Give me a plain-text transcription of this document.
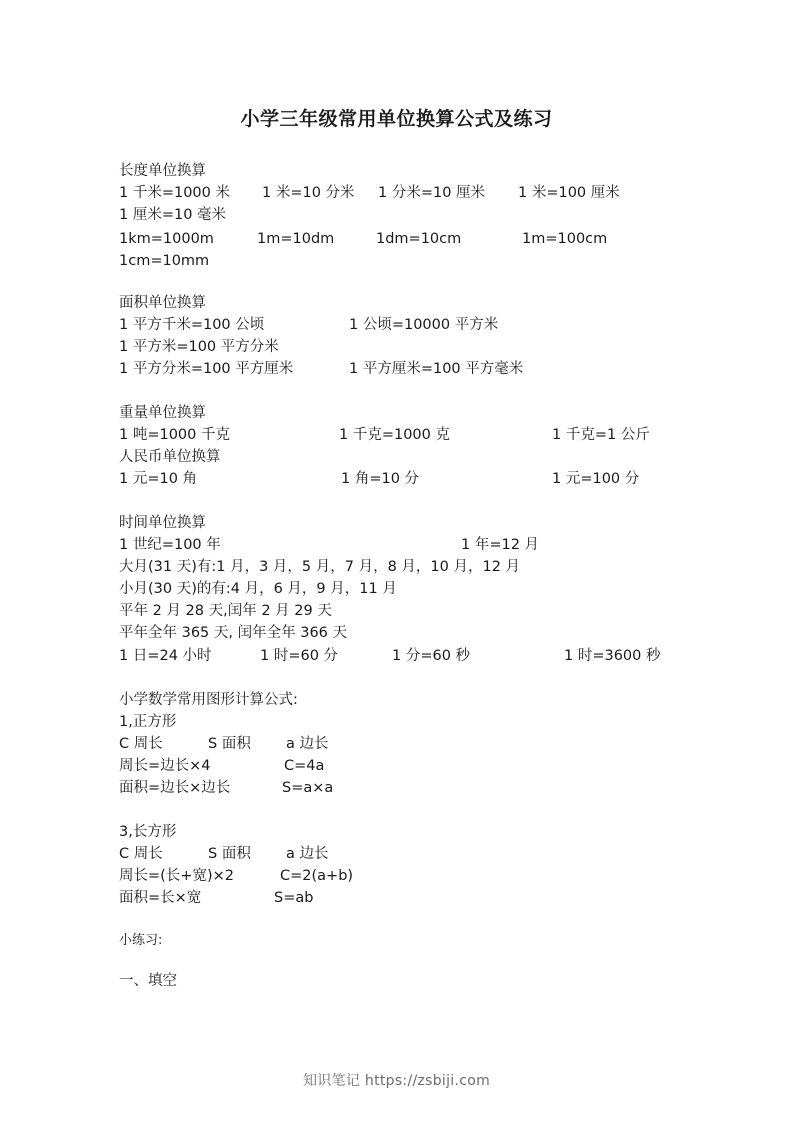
小学三年级常用单位换算公式及练习
长度单位换算
1 千米=1000 米 1 米=10 分米 1 分米=10 厘米 1 米=100 厘米
1 厘米=10 毫米
1km=1000m	1m=10dm	1dm=10cm	1m=100cm
1cm=10mm
面积单位换算
1 平方千米=100 公顷	1 公顷=10000 平方米
1 平方米=100 平方分米
1 平方分米=100 平方厘米	1 平方厘米=100 平方毫米
重量单位换算
1 吨=1000 千克	1 千克=1000 克	1 千克=1 公斤
人民币单位换算
1 元=10 角	1 角=10 分	1 元=100 分
时间单位换算
1 世纪=100 年	1 年=12 月
大月(31 天)有:1 月，3 月，5 月，7 月，8 月，10 月，12 月
小月(30 天)的有:4 月，6 月，9 月，11 月
平年 2 月 28 天,闰年 2 月 29 天
平年全年 365 天, 闰年全年 366 天
1 日=24 小时	1 时=60 分	1 分=60 秒	1 时=3600 秒
小学数学常用图形计算公式:
1,正方形
C 周长	S 面积 a 边长
周长=边长×4	C=4a
面积=边长×边长	S=a×a
3,长方形
C 周长	S 面积 a 边长
周长=(长+宽)×2	C=2(a+b)
面积=长×宽	S=ab
小练习:
一、填空
知识笔记 https://zsbiji.com
